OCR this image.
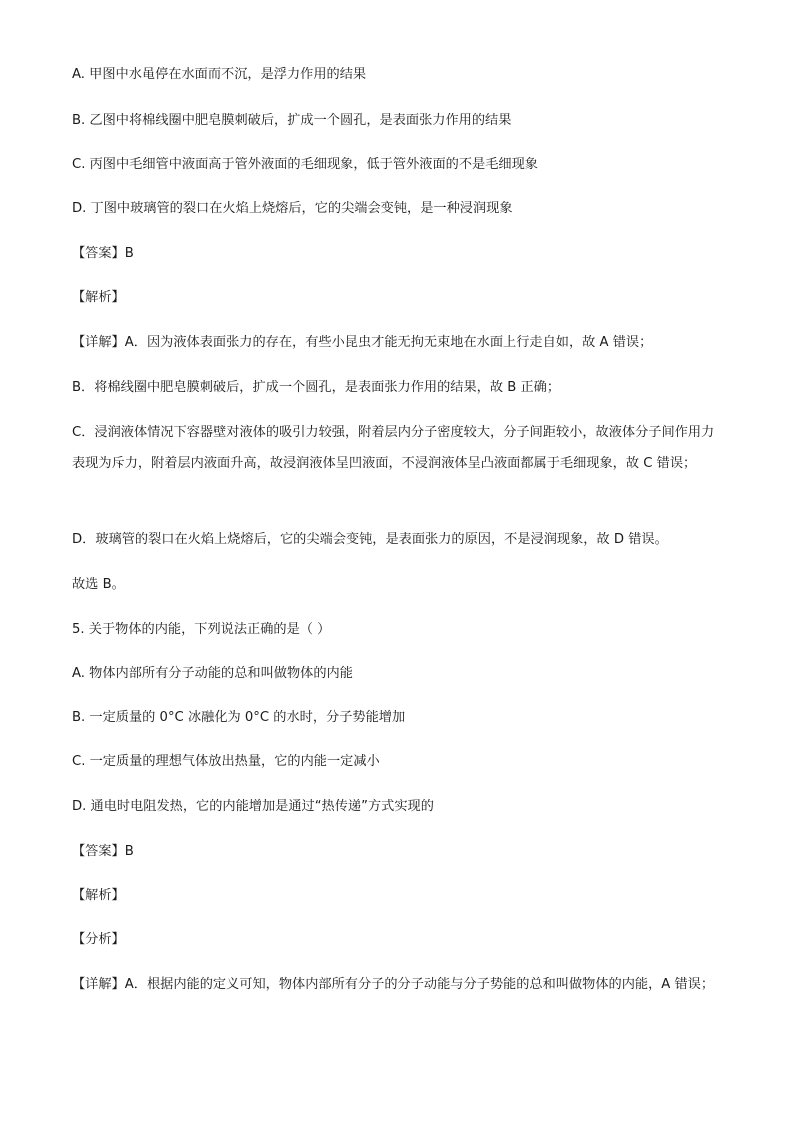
A. 甲图中水黾停在水面而不沉，是浮力作用的结果
B. 乙图中将棉线圈中肥皂膜刺破后，扩成一个圆孔，是表面张力作用的结果
C. 丙图中毛细管中液面高于管外液面的毛细现象，低于管外液面的不是毛细现象
D. 丁图中玻璃管的裂口在火焰上烧熔后，它的尖端会变钝，是一种浸润现象
【答案】B
【解析】
【详解】A．因为液体表面张力的存在，有些小昆虫才能无拘无束地在水面上行走自如，故 A 错误；
B．将棉线圈中肥皂膜刺破后，扩成一个圆孔，是表面张力作用的结果，故 B 正确；
C．浸润液体情况下容器壁对液体的吸引力较强，附着层内分子密度较大，分子间距较小，故液体分子间作用力表现为斥力，附着层内液面升高，故浸润液体呈凹液面，不浸润液体呈凸液面都属于毛细现象，故 C 错误；
D．玻璃管的裂口在火焰上烧熔后，它的尖端会变钝，是表面张力的原因，不是浸润现象，故 D 错误。
故选 B。
5. 关于物体的内能，下列说法正确的是（ ）
A. 物体内部所有分子动能的总和叫做物体的内能
B. 一定质量的 0°C 冰融化为 0°C 的水时，分子势能增加
C. 一定质量的理想气体放出热量，它的内能一定减小
D. 通电时电阻发热，它的内能增加是通过“热传递”方式实现的
【答案】B
【解析】
【分析】
【详解】A．根据内能的定义可知，物体内部所有分子的分子动能与分子势能的总和叫做物体的内能，A 错误；
